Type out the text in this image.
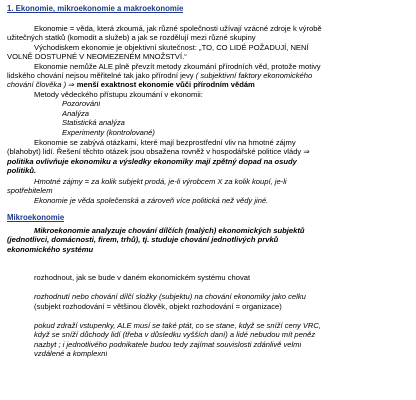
1. Ekonomie, mikroekonomie a makroekonomie
Ekonomie = věda, která zkoumá, jak různé společnosti užívají vzácné zdroje k výrobě
užitečných statků (komodit a služeb) a jak se rozdělují mezi různé skupiny
Východiskem ekonomie je objektivní skutečnost: „TO, CO LIDÉ POŽADUJÍ, NENÍ
VOLNĚ DOSTUPNÉ V NEOMEZENÉM MNOŽSTVÍ.“
Ekonomie nemůže ALE plně převzít metody zkoumání přírodních věd, protože motivy
lidského chování nejsou měřitelné tak jako přírodní jevy ( subjektivní faktory ekonomického
chování člověka ) ⇒ menší exaktnost ekonomie vůči přírodním vědám
Metody vědeckého přístupu zkoumání v ekonomii:
Pozorování
Analýza
Statistická analýza
Experimenty (kontrolované)
Ekonomie se zabývá otázkami, které mají bezprostřední vliv na hmotné zájmy
(blahobyt) lidí. Řešení těchto otázek jsou obsažena rovněž v hospodářské politice vlády ⇒
politika ovlivňuje ekonomiku a výsledky ekonomiky mají zpětný dopad na osudy
politiků.
Hmotné zájmy = za kolik subjekt prodá, je-li výrobcem X za kolik koupí, je-li
spotřebitelem
Ekonomie je věda společenská a zároveň více politická než vědy jiné.
Mikroekonomie
Mikroekonomie analyzuje chování dílčích (malých) ekonomických subjektů
(jednotlivci, domácnosti, firem, trhů), tj. studuje chování jednotlivých prvků
ekonomického systému
rozhodnout, jak se bude v daném ekonomickém systému chovat
rozhodnutí nebo chování dílčí složky (subjektu) na chování ekonomiky jako celku
(subjekt rozhodování = většinou člověk, objekt rozhodování = organizace)
pokud zdraží vstupenky, ALE musí se také ptát, co se stane, když se sníží ceny VRC,
když se sníží důchody lidí (třeba v důsledku vyšších daní) a lidé nebudou mít peněz
nazbyt ; i jednotlivého podnikatele budou tedy zajímat souvislosti zdánlivě velmi
vzdálené a komplexní
